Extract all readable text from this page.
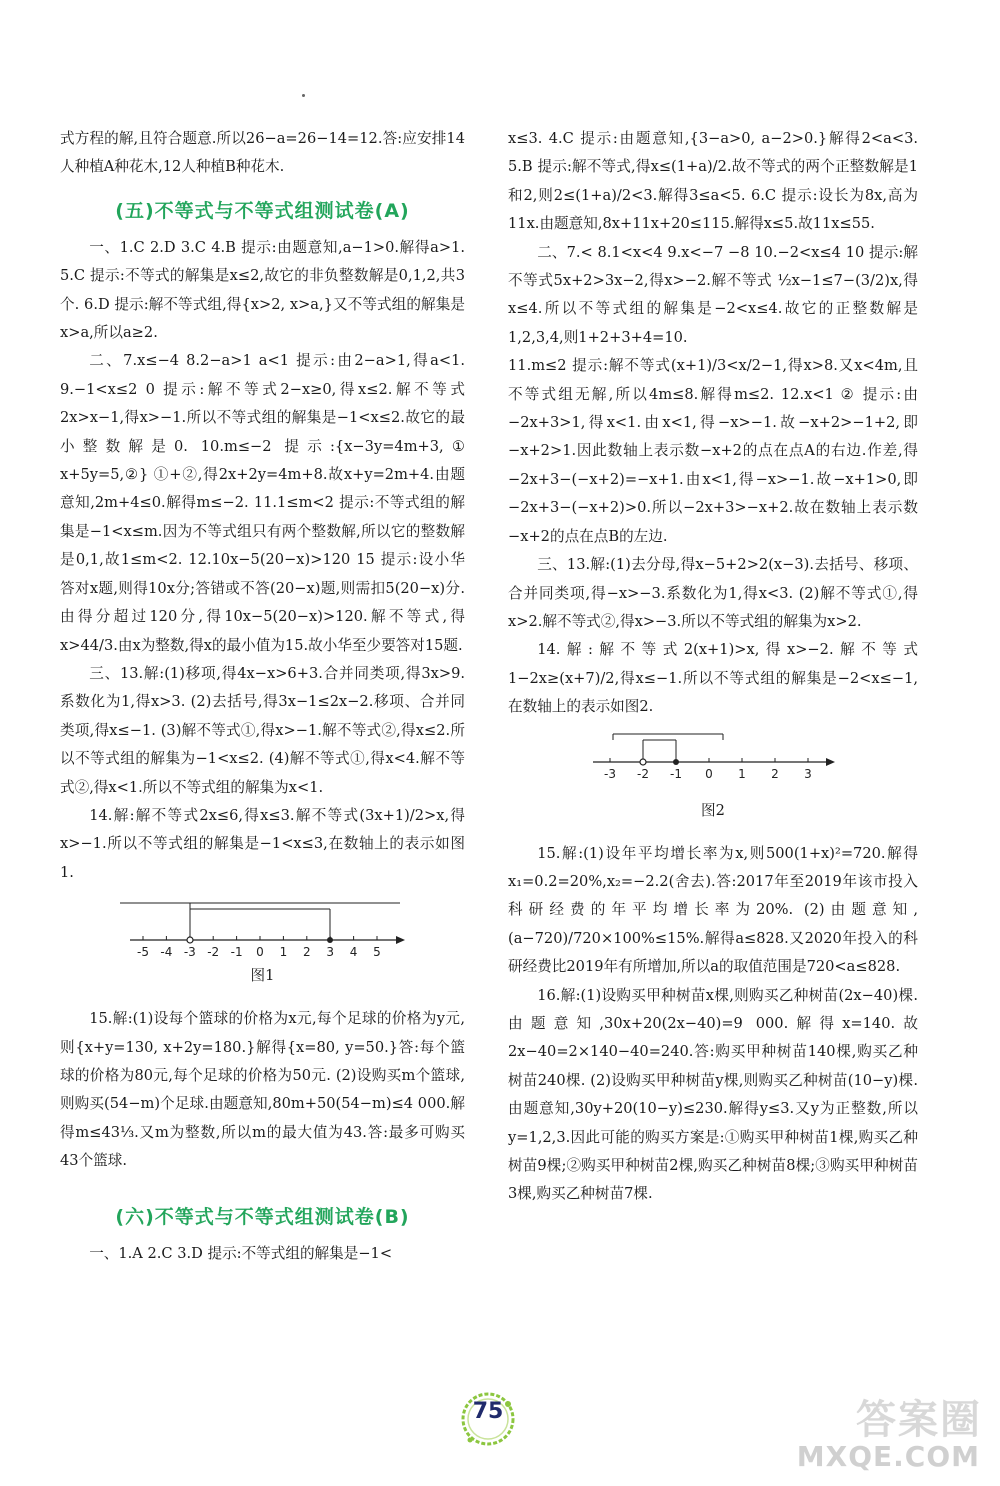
式方程的解,且符合题意.所以26−a=26−14=12.答:应安排14人种植A种花木,12人种植B种花木.

(五)不等式与不等式组测试卷(A)

一、1.C 2.D 3.C 4.B 提示:由题意知,a−1>0.解得a>1. 5.C 提示:不等式的解集是x≤2,故它的非负整数解是0,1,2,共3个. 6.D 提示:解不等式组,得{x>2, x>a,}又不等式组的解集是x>a,所以a≥2.

二、7.x≤−4 8.2−a>1 a<1 提示:由2−a>1,得a<1. 9.−1<x≤2 0 提示:解不等式2−x≥0,得x≤2.解不等式2x>x−1,得x>−1.所以不等式组的解集是−1<x≤2.故它的最小整数解是0. 10.m≤−2 提示:{x−3y=4m+3,① x+5y=5,②} ①+②,得2x+2y=4m+8.故x+y=2m+4.由题意知,2m+4≤0.解得m≤−2. 11.1≤m<2 提示:不等式组的解集是−1<x≤m.因为不等式组只有两个整数解,所以它的整数解是0,1,故1≤m<2. 12.10x−5(20−x)>120 15 提示:设小华答对x题,则得10x分;答错或不答(20−x)题,则需扣5(20−x)分.由得分超过120分,得10x−5(20−x)>120.解不等式,得x>44/3.由x为整数,得x的最小值为15.故小华至少要答对15题.

三、13.解:(1)移项,得4x−x>6+3.合并同类项,得3x>9.系数化为1,得x>3. (2)去括号,得3x−1≤2x−2.移项、合并同类项,得x≤−1. (3)解不等式①,得x>−1.解不等式②,得x≤2.所以不等式组的解集为−1<x≤2. (4)解不等式①,得x<4.解不等式②,得x<1.所以不等式组的解集为x<1.

14.解:解不等式2x≤6,得x≤3.解不等式(3x+1)/2>x,得x>−1.所以不等式组的解集是−1<x≤3,在数轴上的表示如图1.

-5 -4 -3 -2 -1 0 1 2 3 4 5
图1

15.解:(1)设每个篮球的价格为x元,每个足球的价格为y元,则{x+y=130, x+2y=180.}解得{x=80, y=50.}答:每个篮球的价格为80元,每个足球的价格为50元. (2)设购买m个篮球,则购买(54−m)个足球.由题意知,80m+50(54−m)≤4 000.解得m≤43⅓.又m为整数,所以m的最大值为43.答:最多可购买43个篮球.

(六)不等式与不等式组测试卷(B)

一、1.A 2.C 3.D 提示:不等式组的解集是−1<

x≤3. 4.C 提示:由题意知,{3−a>0, a−2>0.}解得2<a<3. 5.B 提示:解不等式,得x≤(1+a)/2.故不等式的两个正整数解是1和2,则2≤(1+a)/2<3.解得3≤a<5. 6.C 提示:设长为8x,高为11x.由题意知,8x+11x+20≤115.解得x≤5.故11x≤55.

二、7.< 8.1<x<4 9.x<−7 −8 10.−2<x≤4 10 提示:解不等式5x+2>3x−2,得x>−2.解不等式 ½x−1≤7−(3/2)x,得x≤4.所以不等式组的解集是−2<x≤4.故它的正整数解是1,2,3,4,则1+2+3+4=10.

11.m≤2 提示:解不等式(x+1)/3<x/2−1,得x>8.又x<4m,且不等式组无解,所以4m≤8.解得m≤2. 12.x<1 ② 提示:由−2x+3>1,得x<1.由x<1,得−x>−1.故−x+2>−1+2,即−x+2>1.因此数轴上表示数−x+2的点在点A的右边.作差,得−2x+3−(−x+2)=−x+1.由x<1,得−x>−1.故−x+1>0,即−2x+3−(−x+2)>0.所以−2x+3>−x+2.故在数轴上表示数−x+2的点在点B的左边.

三、13.解:(1)去分母,得x−5+2>2(x−3).去括号、移项、合并同类项,得−x>−3.系数化为1,得x<3. (2)解不等式①,得x>2.解不等式②,得x>−3.所以不等式组的解集为x>2.

14.解:解不等式2(x+1)>x,得x>−2.解不等式1−2x≥(x+7)/2,得x≤−1.所以不等式组的解集是−2<x≤−1,在数轴上的表示如图2.

-3 -2 -1 0 1 2 3
图2

15.解:(1)设年平均增长率为x,则500(1+x)²=720.解得x₁=0.2=20%,x₂=−2.2(舍去).答:2017年至2019年该市投入科研经费的年平均增长率为20%. (2)由题意知,(a−720)/720×100%≤15%.解得a≤828.又2020年投入的科研经费比2019年有所增加,所以a的取值范围是720<a≤828.

16.解:(1)设购买甲种树苗x棵,则购买乙种树苗(2x−40)棵.由题意知,30x+20(2x−40)=9 000.解得x=140.故2x−40=2×140−40=240.答:购买甲种树苗140棵,购买乙种树苗240棵. (2)设购买甲种树苗y棵,则购买乙种树苗(10−y)棵.由题意知,30y+20(10−y)≤230.解得y≤3.又y为正整数,所以y=1,2,3.因此可能的购买方案是:①购买甲种树苗1棵,购买乙种树苗9棵;②购买甲种树苗2棵,购买乙种树苗8棵;③购买甲种树苗3棵,购买乙种树苗7棵.

75	答案圈
MXQE.COM
